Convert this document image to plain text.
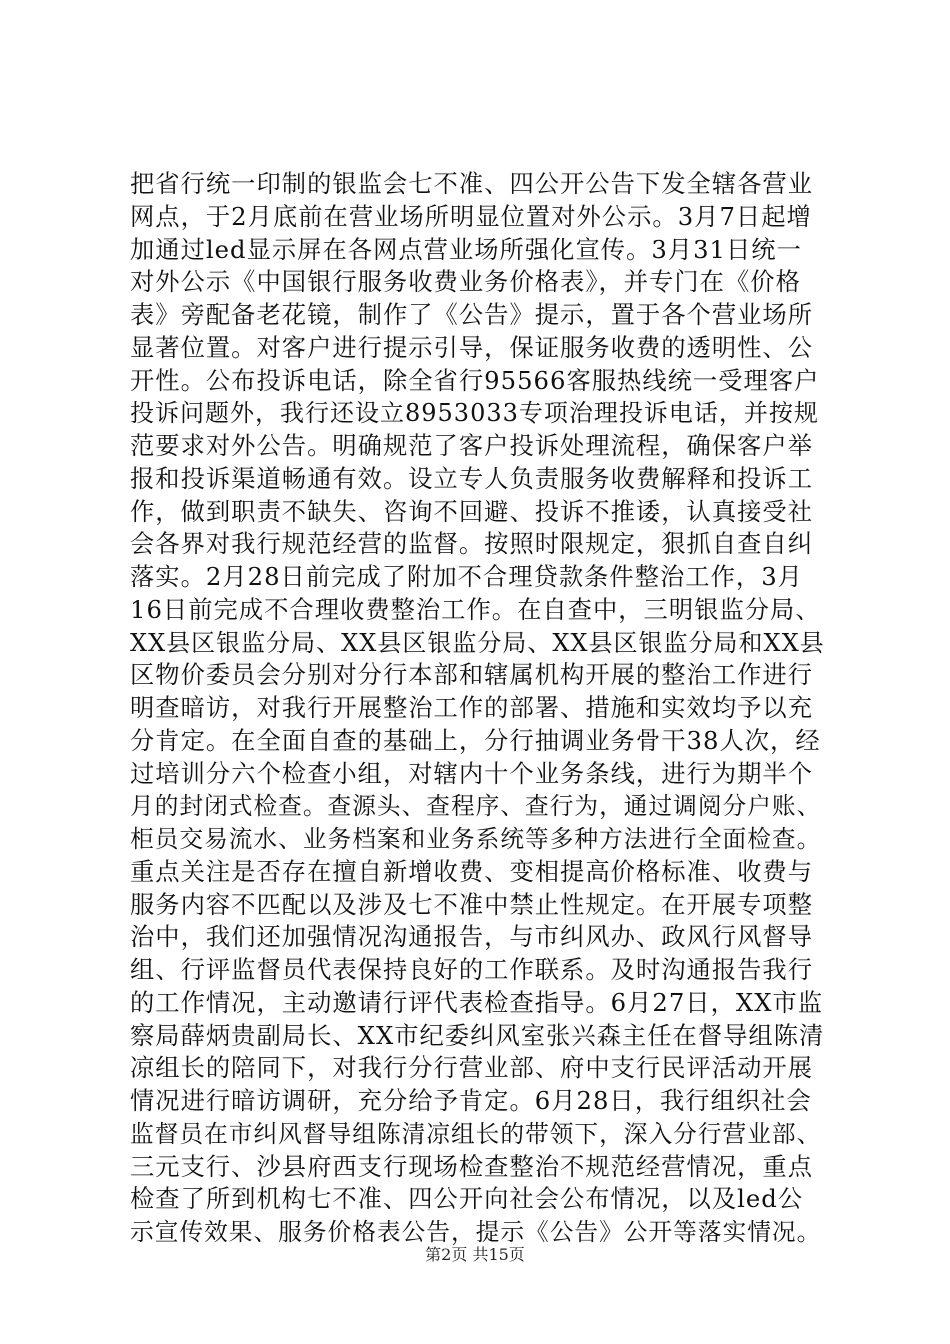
把省行统一印制的银监会七不准、四公开公告下发全辖各营业
网点，于2月底前在营业场所明显位置对外公示。3月7日起增
加通过led显示屏在各网点营业场所强化宣传。3月31日统一
对外公示《中国银行服务收费业务价格表》，并专门在《价格
表》旁配备老花镜，制作了《公告》提示，置于各个营业场所
显著位置。对客户进行提示引导，保证服务收费的透明性、公
开性。公布投诉电话，除全省行95566客服热线统一受理客户
投诉问题外，我行还设立8953033专项治理投诉电话，并按规
范要求对外公告。明确规范了客户投诉处理流程，确保客户举
报和投诉渠道畅通有效。设立专人负责服务收费解释和投诉工
作，做到职责不缺失、咨询不回避、投诉不推诿，认真接受社
会各界对我行规范经营的监督。按照时限规定，狠抓自查自纠
落实。2月28日前完成了附加不合理贷款条件整治工作，3月
16日前完成不合理收费整治工作。在自查中，三明银监分局、
XX县区银监分局、XX县区银监分局、XX县区银监分局和XX县
区物价委员会分别对分行本部和辖属机构开展的整治工作进行
明查暗访，对我行开展整治工作的部署、措施和实效均予以充
分肯定。在全面自查的基础上，分行抽调业务骨干38人次，经
过培训分六个检查小组，对辖内十个业务条线，进行为期半个
月的封闭式检查。查源头、查程序、查行为，通过调阅分户账、
柜员交易流水、业务档案和业务系统等多种方法进行全面检查。
重点关注是否存在擅自新增收费、变相提高价格标准、收费与
服务内容不匹配以及涉及七不准中禁止性规定。在开展专项整
治中，我们还加强情况沟通报告，与市纠风办、政风行风督导
组、行评监督员代表保持良好的工作联系。及时沟通报告我行
的工作情况，主动邀请行评代表检查指导。6月27日，XX市监
察局薛炳贵副局长、XX市纪委纠风室张兴森主任在督导组陈清
凉组长的陪同下，对我行分行营业部、府中支行民评活动开展
情况进行暗访调研，充分给予肯定。6月28日，我行组织社会
监督员在市纠风督导组陈清凉组长的带领下，深入分行营业部、
三元支行、沙县府西支行现场检查整治不规范经营情况，重点
检查了所到机构七不准、四公开向社会公布情况，以及led公
示宣传效果、服务价格表公告，提示《公告》公开等落实情况。
第2页 共15页
